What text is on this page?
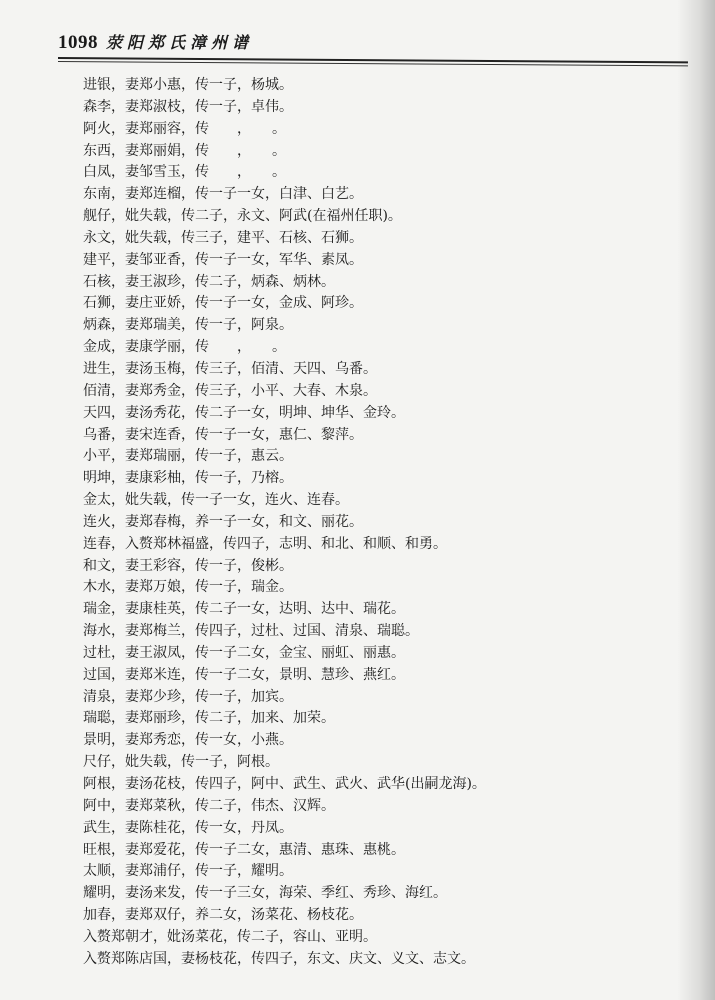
1098 荥阳郑氏漳州谱
进银，妻郑小惠，传一子，杨城。
森李，妻郑淑枝，传一子，卓伟。
阿火，妻郑丽容，传　　，　　。
东西，妻郑丽娟，传　　，　　。
白凤，妻邹雪玉，传　　，　　。
东南，妻郑连榴，传一子一女，白津、白艺。
舰仔，妣失载，传二子，永文、阿武(在福州任职)。
永文，妣失载，传三子，建平、石核、石狮。
建平，妻邹亚香，传一子一女，军华、素凤。
石核，妻王淑珍，传二子，炳森、炳林。
石狮，妻庄亚娇，传一子一女，金成、阿珍。
炳森，妻郑瑞美，传一子，阿泉。
金成，妻康学丽，传　　，　　。
进生，妻汤玉梅，传三子，佰清、天四、乌番。
佰清，妻郑秀金，传三子，小平、大春、木泉。
天四，妻汤秀花，传二子一女，明坤、坤华、金玲。
乌番，妻宋连香，传一子一女，惠仁、黎萍。
小平，妻郑瑞丽，传一子，惠云。
明坤，妻康彩柚，传一子，乃榕。
金太，妣失载，传一子一女，连火、连春。
连火，妻郑春梅，养一子一女，和文、丽花。
连春，入赘郑林福盛，传四子，志明、和北、和顺、和勇。
和文，妻王彩容，传一子，俊彬。
木水，妻郑万娘，传一子，瑞金。
瑞金，妻康桂英，传二子一女，达明、达中、瑞花。
海水，妻郑梅兰，传四子，过杜、过国、清泉、瑞聪。
过杜，妻王淑凤，传一子二女，金宝、丽虹、丽惠。
过国，妻郑米连，传一子二女，景明、慧珍、燕红。
清泉，妻郑少珍，传一子，加宾。
瑞聪，妻郑丽珍，传二子，加来、加荣。
景明，妻郑秀恋，传一女，小燕。
尺仔，妣失载，传一子，阿根。
阿根，妻汤花枝，传四子，阿中、武生、武火、武华(出嗣龙海)。
阿中，妻郑菜秋，传二子，伟杰、汉辉。
武生，妻陈桂花，传一女，丹凤。
旺根，妻郑爱花，传一子二女，惠清、惠珠、惠桃。
太顺，妻郑浦仔，传一子，耀明。
耀明，妻汤来发，传一子三女，海荣、季红、秀珍、海红。
加春，妻郑双仔，养二女，汤菜花、杨枝花。
入赘郑朝才，妣汤菜花，传二子，容山、亚明。
入赘郑陈店国，妻杨枝花，传四子，东文、庆文、义文、志文。
